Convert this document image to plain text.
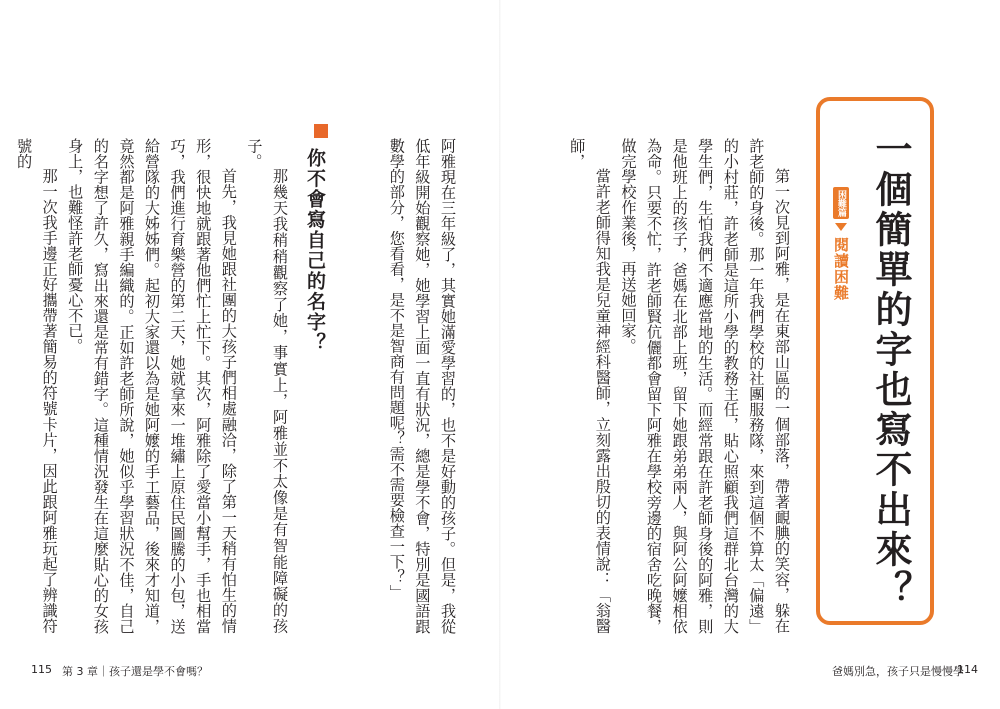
一個簡單的字也寫不出來？
困難篇
閱讀困難

第一次見到阿雅，是在東部山區的一個部落，帶著靦腆的笑容，躲在許老師的身後。那一年我們學校的社團服務隊，來到這個不算太「偏遠」的小村莊，許老師是這所小學的教務主任，貼心照顧我們這群北台灣的大學生們，生怕我們不適應當地的生活。而經常跟在許老師身後的阿雅，則是他班上的孩子，爸媽在北部上班，留下她跟弟弟兩人，與阿公阿嬤相依為命。只要不忙，許老師賢伉儷都會留下阿雅在學校旁邊的宿舍吃晚餐，做完學校作業後，再送她回家。

當許老師得知我是兒童神經科醫師，立刻露出殷切的表情說：「翁醫師，

阿雅現在三年級了，其實她滿愛學習的，也不是好動的孩子。但是，我從低年級開始觀察她，她學習上面一直有狀況，總是學不會，特別是國語跟數學的部分，您看看，是不是智商有問題呢？需不需要檢查一下？」

你不會寫自己的名字？

那幾天我稍稍觀察了她，事實上，阿雅並不太像是有智能障礙的孩子。

首先，我見她跟社團的大孩子們相處融洽，除了第一天稍有怕生的情形，很快地就跟著他們忙上忙下。其次，阿雅除了愛當小幫手，手也相當巧，我們進行育樂營的第二天，她就拿來一堆繡上原住民圖騰的小包，送給營隊的大姊姊們。起初大家還以為是她阿嬤的手工藝品，後來才知道，竟然都是阿雅親手編織的。正如許老師所說，她似乎學習狀況不佳，自己的名字想了許久，寫出來還是常有錯字。這種情況發生在這麼貼心的女孩身上，也難怪許老師憂心不已。

那一次我手邊正好攜帶著簡易的符號卡片，因此跟阿雅玩起了辨識符號的

115 第 3 章｜孩子還是學不會嗎？	爸媽別急，孩子只是慢慢學
114
